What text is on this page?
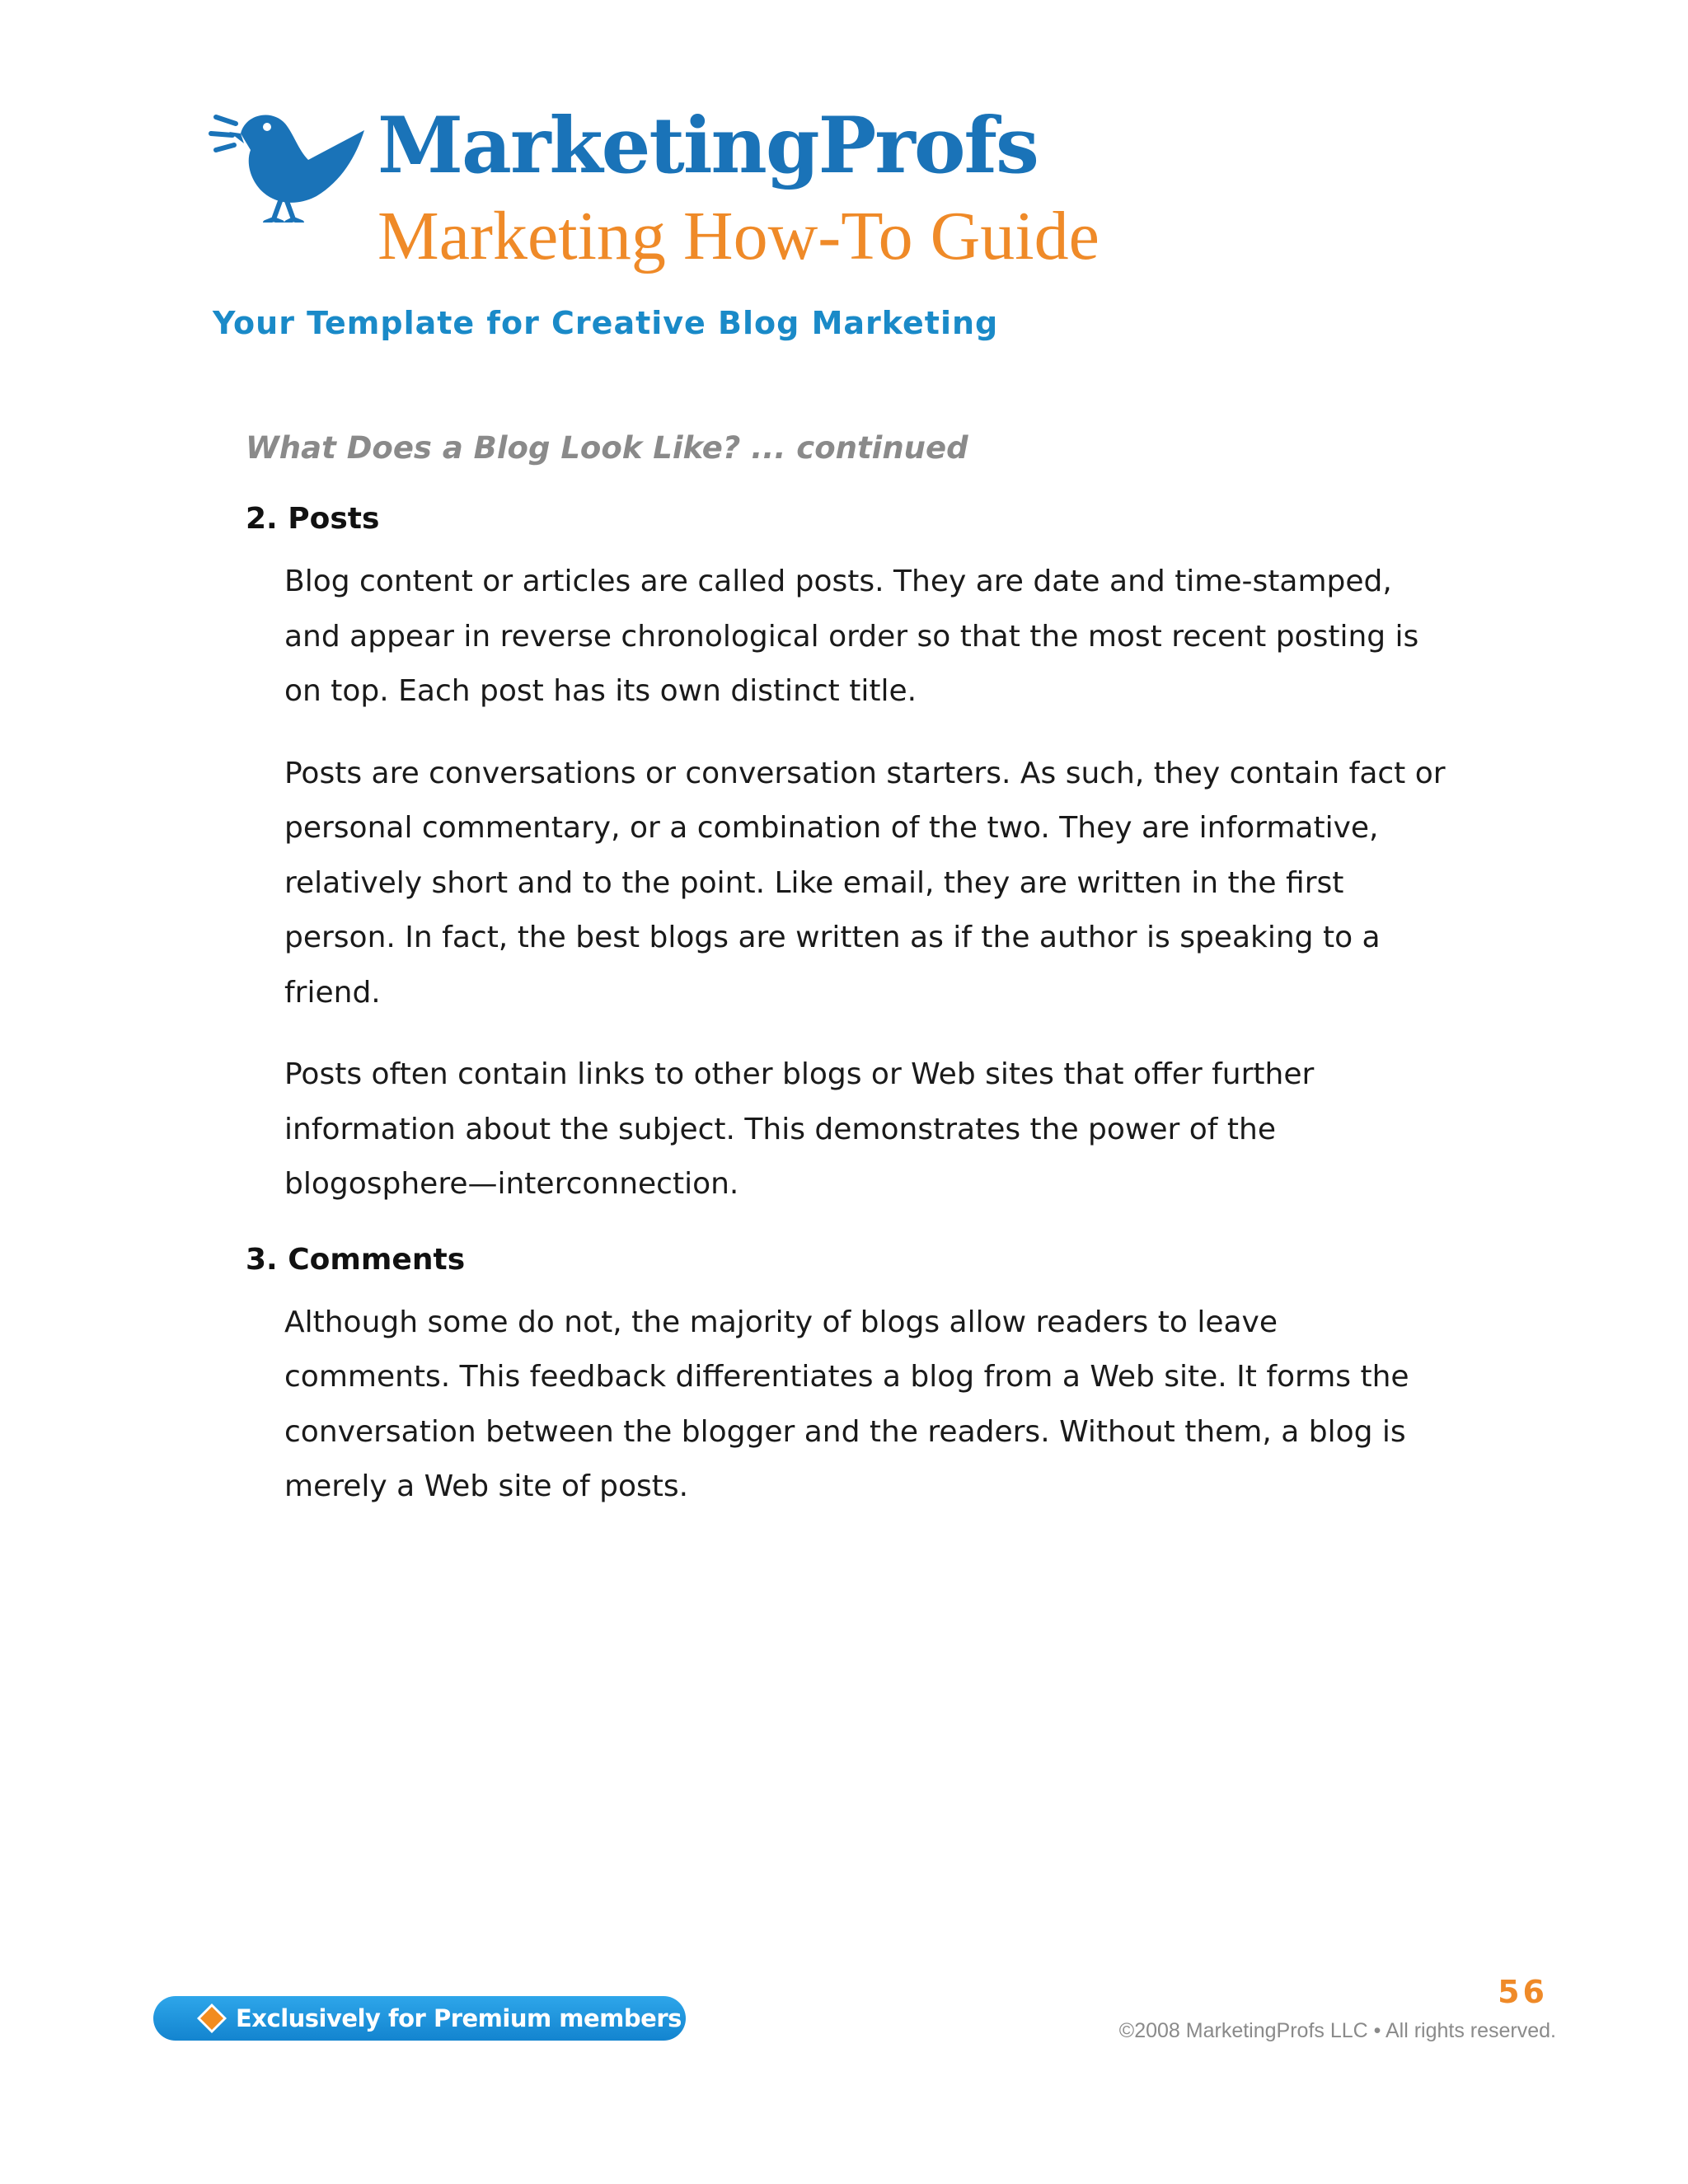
MarketingProfs
Marketing How-To Guide
Your Template for Creative Blog Marketing
What Does a Blog Look Like? ... continued
2. Posts

Blog content or articles are called posts. They are date and time-stamped, and appear in reverse chronological order so that the most recent posting is on top. Each post has its own distinct title.

Posts are conversations or conversation starters. As such, they contain fact or personal commentary, or a combination of the two. They are informative, relatively short and to the point. Like email, they are written in the first person. In fact, the best blogs are written as if the author is speaking to a friend.

Posts often contain links to other blogs or Web sites that offer further information about the subject. This demonstrates the power of the blogosphere—interconnection.

3. Comments

Although some do not, the majority of blogs allow readers to leave comments. This feedback differentiates a blog from a Web site. It forms the conversation between the blogger and the readers. Without them, a blog is merely a Web site of posts.

Exclusively for Premium members
56
©2008 MarketingProfs LLC • All rights reserved.
